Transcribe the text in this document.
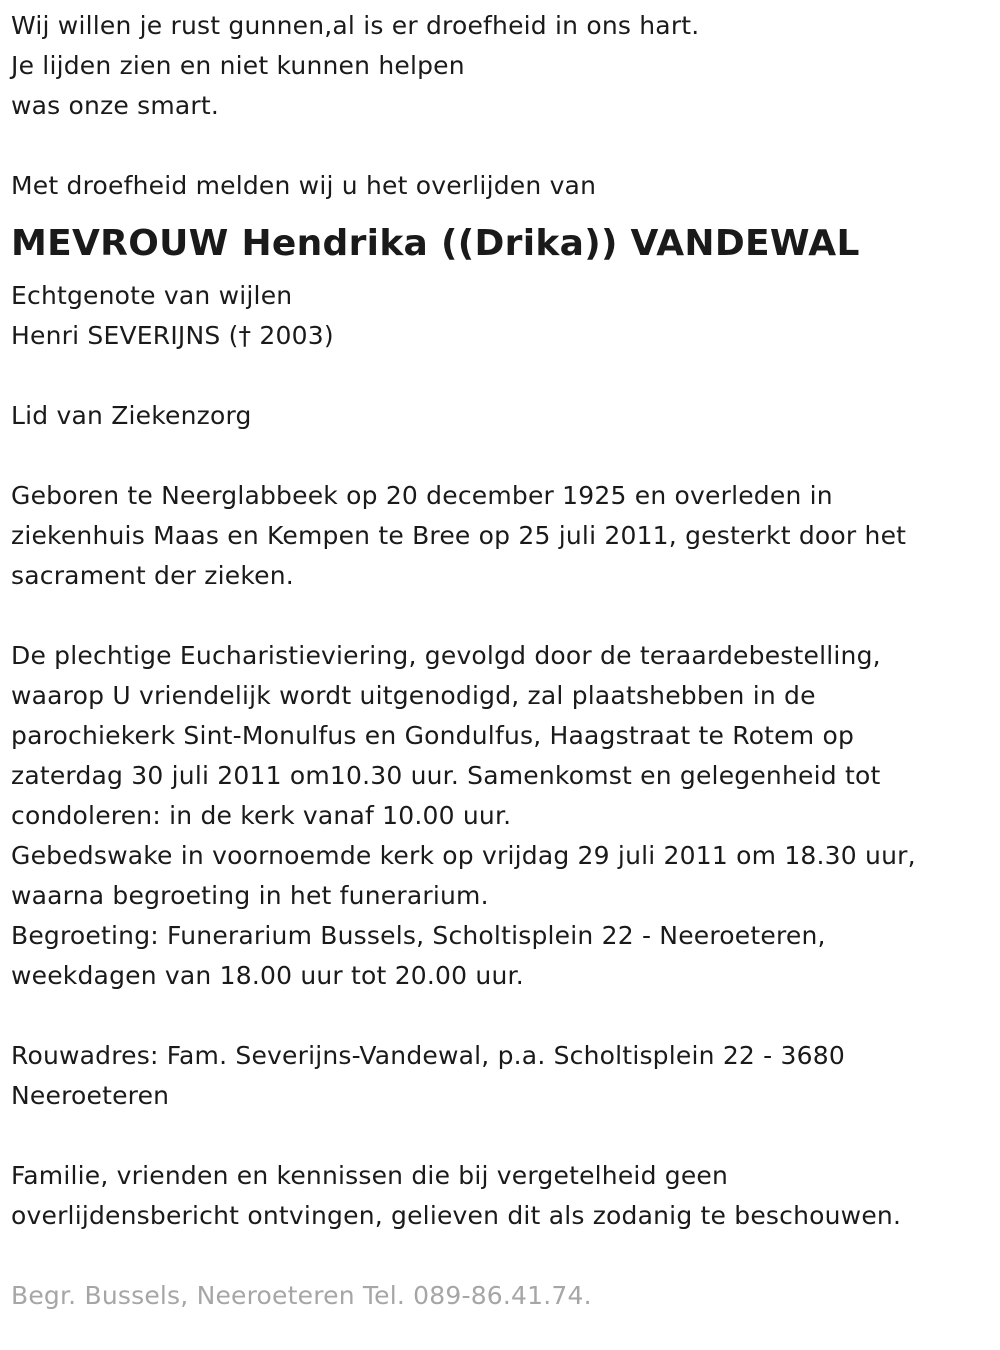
Wij willen je rust gunnen,al is er droefheid in ons hart.
Je lijden zien en niet kunnen helpen
was onze smart.
Met droefheid melden wij u het overlijden van
MEVROUW Hendrika ((Drika)) VANDEWAL
Echtgenote van wijlen
Henri SEVERIJNS († 2003)
Lid van Ziekenzorg
Geboren te Neerglabbeek op 20 december 1925 en overleden in
ziekenhuis Maas en Kempen te Bree op 25 juli 2011, gesterkt door het
sacrament der zieken.
De plechtige Eucharistieviering, gevolgd door de teraardebestelling,
waarop U vriendelijk wordt uitgenodigd, zal plaatshebben in de
parochiekerk Sint-Monulfus en Gondulfus, Haagstraat te Rotem op
zaterdag 30 juli 2011 om10.30 uur. Samenkomst en gelegenheid tot
condoleren: in de kerk vanaf 10.00 uur.
Gebedswake in voornoemde kerk op vrijdag 29 juli 2011 om 18.30 uur,
waarna begroeting in het funerarium.
Begroeting: Funerarium Bussels, Scholtisplein 22 - Neeroeteren,
weekdagen van 18.00 uur tot 20.00 uur.
Rouwadres: Fam. Severijns-Vandewal, p.a. Scholtisplein 22 - 3680
Neeroeteren
Familie, vrienden en kennissen die bij vergetelheid geen
overlijdensbericht ontvingen, gelieven dit als zodanig te beschouwen.
Begr. Bussels, Neeroeteren Tel. 089-86.41.74.
